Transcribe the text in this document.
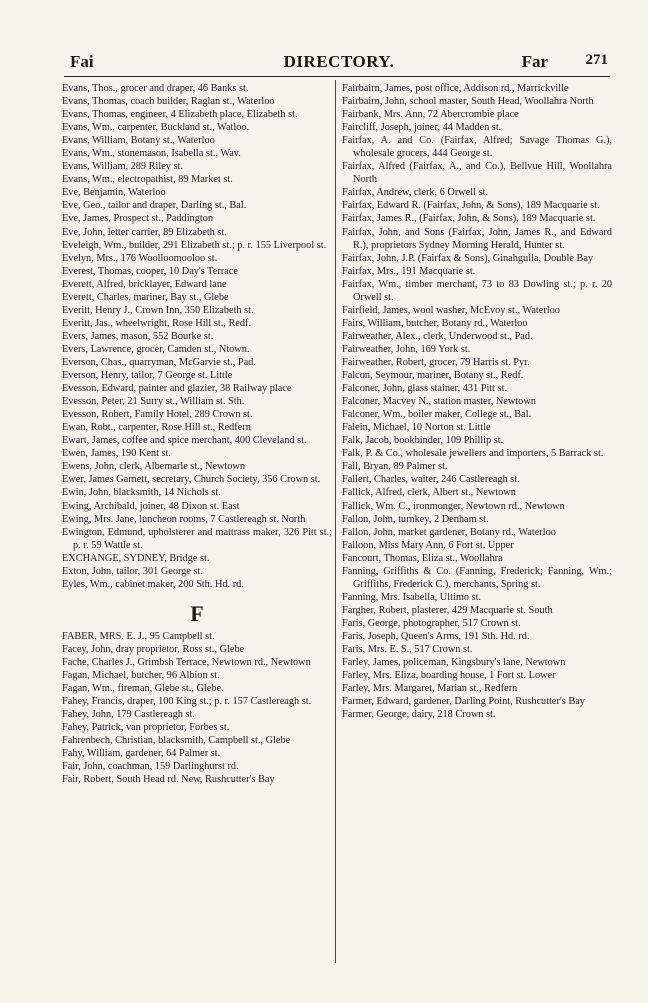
Fai	DIRECTORY.	Far	271
Evans, Thos., grocer and draper, 46 Banks st.
Evans, Thomas, coach builder, Raglan st., Waterloo
Evans, Thomas, engineer, 4 Elizabeth place, Elizabeth st.
Evans, Wm., carpenter, Buckland st., Watloo.
Evans, William, Botany st., Waterloo
Evans, Wm., stonemason, Isabella st., Wav.
Evans, William, 289 Riley st.
Evans, Wm., electropathist, 89 Market st.
Eve, Benjamin, Waterloo
Eve, Geo., tailor and draper, Darling st., Bal.
Eve, James, Prospect st., Paddington
Eve, John, letter carrier, 89 Elizabeth st.
Eveleigh, Wm., builder, 291 Elizabeth st.; p. r. 155 Liverpool st.
Evelyn, Mrs., 176 Woolloomooloo st.
Everest, Thomas, cooper, 10 Day's Terrace
Everett, Alfred, bricklayer, Edward lane
Everett, Charles, mariner, Bay st., Glebe
Everitt, Henry J., Crown Inn, 350 Elizabeth st.
Everitt, Jas., wheelwright, Rose Hill st., Redf.
Evers, James, mason, 552 Bourke st.
Evers, Lawrence, grocer, Camden st., Ntown.
Everson, Chas., quarryman, McGarvie st., Pad.
Everson, Henry, tailor, 7 George st. Little
Evesson, Edward, painter and glazier, 38 Railway place
Evesson, Peter, 21 Surry st., William st. Sth.
Evesson, Robert, Family Hotel, 289 Crown st.
Ewan, Robt., carpenter, Rose Hill st., Redfern
Ewart, James, coffee and spice merchant, 400 Cleveland st.
Ewen, James, 190 Kent st.
Ewens, John, clerk, Albemarle st., Newtown
Ewer, James Garnett, secretary, Church Society, 356 Crown st.
Ewin, John, blacksmith, 14 Nichols st.
Ewing, Archibald, joiner, 48 Dixon st. East
Ewing, Mrs. Jane, luncheon rooms, 7 Castlereagh st. North
Ewington, Edmund, upholsterer and mattrass maker, 326 Pitt st.; p. r. 59 Wattle st.
EXCHANGE, SYDNEY, Bridge st.
Exton, John, tailor, 301 George st.
Eyles, Wm., cabinet maker, 200 Sth. Hd. rd.
F
FABER, MRS. E. J., 95 Campbell st.
Facey, John, dray proprietor, Ross st., Glebe
Fache, Charles J., Grimbsh Terrace, Newtown rd., Newtown
Fagan, Michael, butcher, 96 Albion st.
Fagan, Wm., fireman, Glebe st., Glebe.
Fahey, Francis, draper, 100 King st.; p. r. 157 Castlereagh st.
Fahey, John, 179 Castlereagh st.
Fahey, Patrick, van proprietor, Forbes st.
Fahrenbech, Christian, blacksmith, Campbell st., Glebe
Fahy, William, gardener, 64 Palmer st.
Fair, John, coachman, 159 Darlinghurst rd.
Fair, Robert, South Head rd. New, Rushcutter's Bay
Fairbairn, James, post office, Addison rd., Marrickville
Fairbairn, John, school master, South Head, Woollahra North
Fairbank, Mrs. Ann, 72 Abercrombie place
Faircliff, Joseph, joiner, 44 Madden st.
Fairfax, A. and Co. (Fairfax, Alfred; Savage Thomas G.), wholesale grocers, 444 George st.
Fairfax, Alfred (Fairfax, A., and Co.), Bellvue Hill, Woollahra North
Fairfax, Andrew, clerk, 6 Orwell st.
Fairfax, Edward R. (Fairfax, John, & Sons), 189 Macquarie st.
Fairfax, James R., (Fairfax, John, & Sons), 189 Macquarie st.
Fairfax, John, and Sons (Fairfax, John, James R., and Edward R.), proprietors Sydney Morning Herald, Hunter st.
Fairfax, John, J.P. (Fairfax & Sons), Ginahgulla, Double Bay
Fairfax, Mrs., 191 Macquarie st.
Fairfax, Wm., timber merchant, 73 to 83 Dowling st.; p. r. 20 Orwell st.
Fairfield, James, wool washer, McEvoy st., Waterloo
Fairs, William, butcher, Botany rd., Waterloo
Fairweather, Alex., clerk, Underwood st., Pad.
Fairweather, John, 169 York st.
Fairweather, Robert, grocer, 79 Harris st. Pyr.
Falcon, Seymour, mariner, Botany st., Redf.
Falconer, John, glass stainer, 431 Pitt st.
Falconer, Macvey N., station master, Newtown
Falconer, Wm., boiler maker, College st., Bal.
Falein, Michael, 10 Norton st. Little
Falk, Jacob, bookbinder, 109 Phillip st.
Falk, P. & Co., wholesale jewellers and importers, 5 Barrack st.
Fall, Bryan, 89 Palmer st.
Fallert, Charles, waiter, 246 Castlereagh st.
Fallick, Alfred, clerk, Albert st., Newtown
Fallick, Wm. C., ironmonger, Newtown rd., Newtown
Fallon, John, turnkey, 2 Denham st.
Fallon, John, market gardener, Botany rd., Waterloo
Falloon, Miss Mary Ann, 6 Fort st. Upper
Fancourt, Thomas, Eliza st., Woollahra
Fanning, Griffiths & Co. (Fanning, Frederick; Fanning, Wm.; Griffiths, Frederick C.), merchants, Spring st.
Fanning, Mrs. Isabella, Ultimo st.
Fargher, Robert, plasterer, 429 Macquarie st. South
Faris, George, photographer, 517 Crown st.
Faris, Joseph, Queen's Arms, 191 Sth. Hd. rd.
Faris, Mrs. E. S., 517 Crown st.
Farley, James, policeman, Kingsbury's lane, Newtown
Farley, Mrs. Eliza, boarding house, 1 Fort st. Lower
Farley, Mrs. Margaret, Marian st., Redfern
Farmer, Edward, gardener, Darling Point, Rushcutter's Bay
Farmer, George, dairy, 218 Crown st.
